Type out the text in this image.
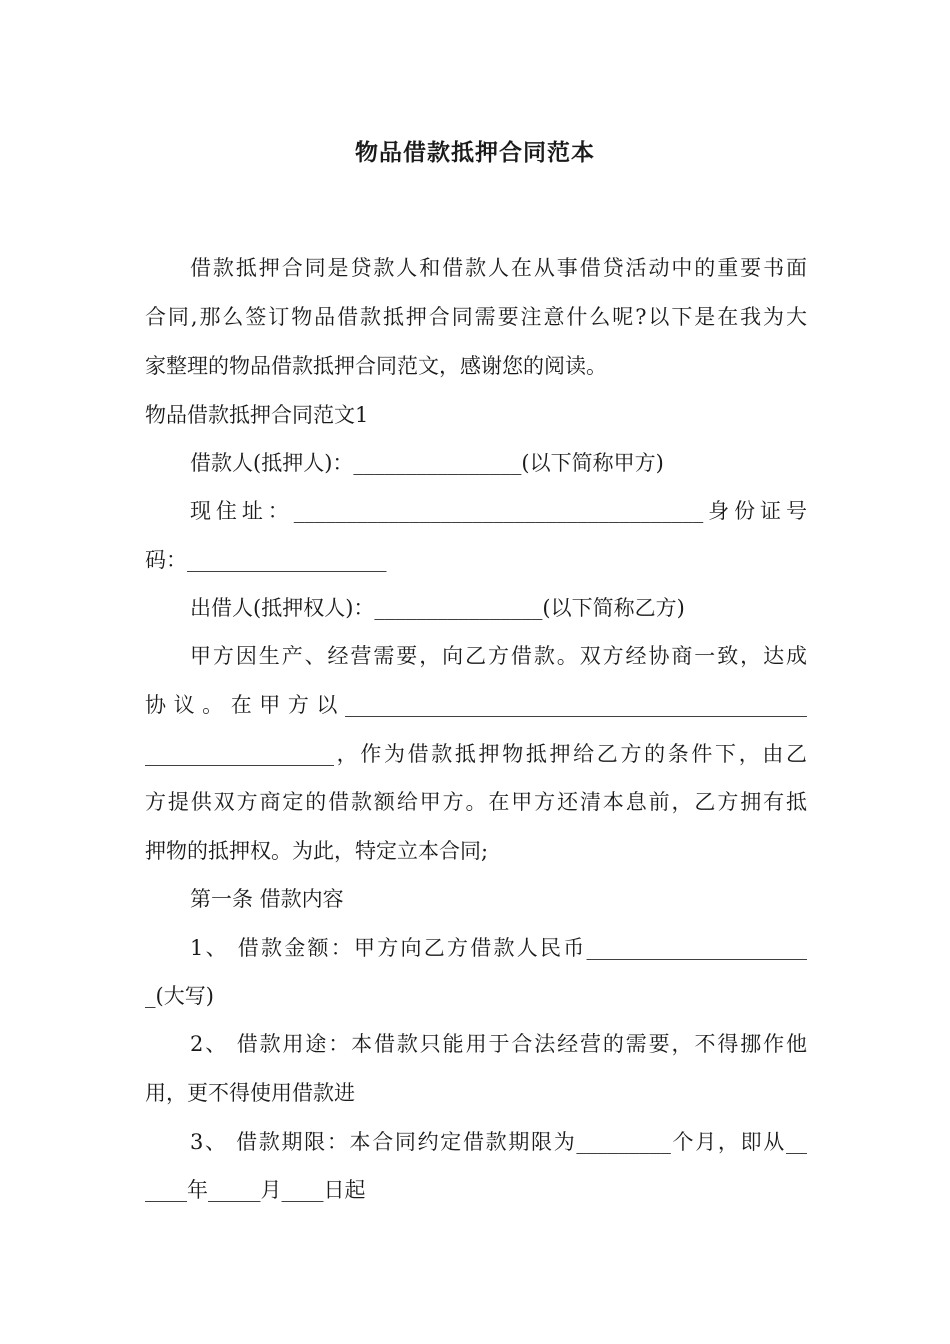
物品借款抵押合同范本
借款抵押合同是贷款人和借款人在从事借贷活动中的重要书面
合同,那么签订物品借款抵押合同需要注意什么呢?以下是在我为大
家整理的物品借款抵押合同范文，感谢您的阅读。
物品借款抵押合同范文1
借款人(抵押人)：________________(以下简称甲方)
现住址：_______________________________________身份证号
码：___________________
出借人(抵押权人)：________________(以下简称乙方)
甲方因生产、经营需要，向乙方借款。双方经协商一致，达成
协议。在甲方以____________________________________________
__________________，作为借款抵押物抵押给乙方的条件下，由乙
方提供双方商定的借款额给甲方。在甲方还清本息前，乙方拥有抵
押物的抵押权。为此，特定立本合同;
第一条 借款内容
1、 借款金额：甲方向乙方借款人民币_____________________
_(大写)
2、 借款用途：本借款只能用于合法经营的需要，不得挪作他
用，更不得使用借款进
3、 借款期限：本合同约定借款期限为_________个月，即从__
____年_____月____日起
